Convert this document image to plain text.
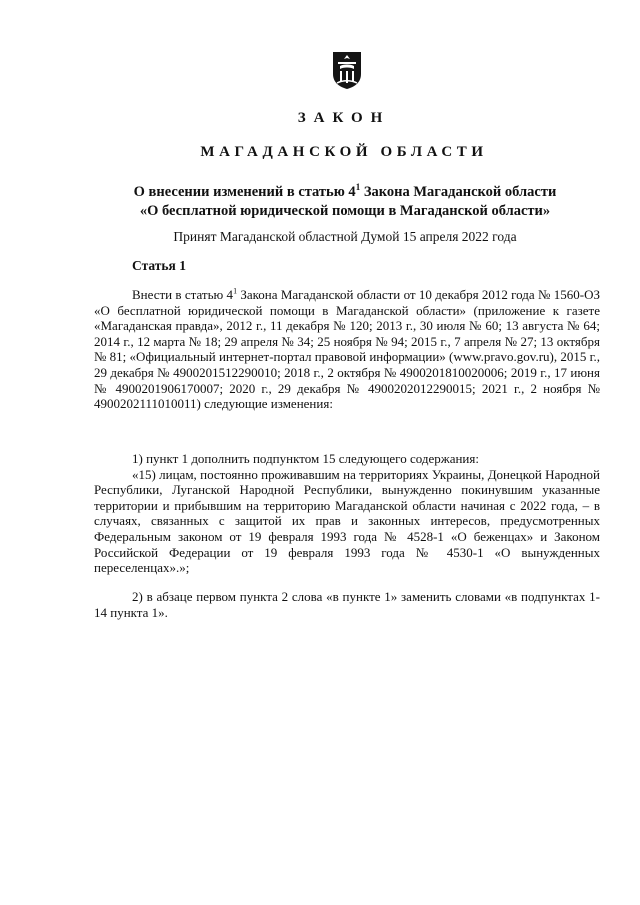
ЗАКОН
МАГАДАНСКОЙ ОБЛАСТИ
О внесении изменений в статью $4^1$ Закона Магаданской области
«О бесплатной юридической помощи в Магаданской области»
Принят Магаданской областной Думой 15 апреля 2022 года
Статья 1

Внести в статью $4^1$ Закона Магаданской области от 10 декабря 2012 года № 1560-ОЗ «О бесплатной юридической помощи в Магаданской области» (приложение к газете «Магаданская правда», 2012 г., 11 декабря № 120; 2013 г., 30 июля № 60; 13 августа № 64; 2014 г., 12 марта № 18; 29 апреля № 34; 25 ноября № 94; 2015 г., 7 апреля № 27; 13 октября № 81; «Официальный интернет-портал правовой информации» (www.pravo.gov.ru), 2015 г., 29 декабря № 4900201512290010; 2018 г., 2 октября № 4900201810020006; 2019 г., 17 июня № 4900201906170007; 2020 г., 29 декабря № 4900202012290015; 2021 г., 2 ноября № 4900202111010011) следующие изменения:

1) пункт 1 дополнить подпунктом 15 следующего содержания:

«15) лицам, постоянно проживавшим на территориях Украины, Донецкой Народной Республики, Луганской Народной Республики, вынужденно покинувшим указанные территории и прибывшим на территорию Магаданской области начиная с 2022 года, – в случаях, связанных с защитой их прав и законных интересов, предусмотренных Федеральным законом от 19 февраля 1993 года № 4528-1 «О беженцах» и Законом Российской Федерации от 19 февраля 1993 года № 4530-1 «О вынужденных переселенцах».»;

2) в абзаце первом пункта 2 слова «в пункте 1» заменить словами «в подпунктах 1-14 пункта 1».
